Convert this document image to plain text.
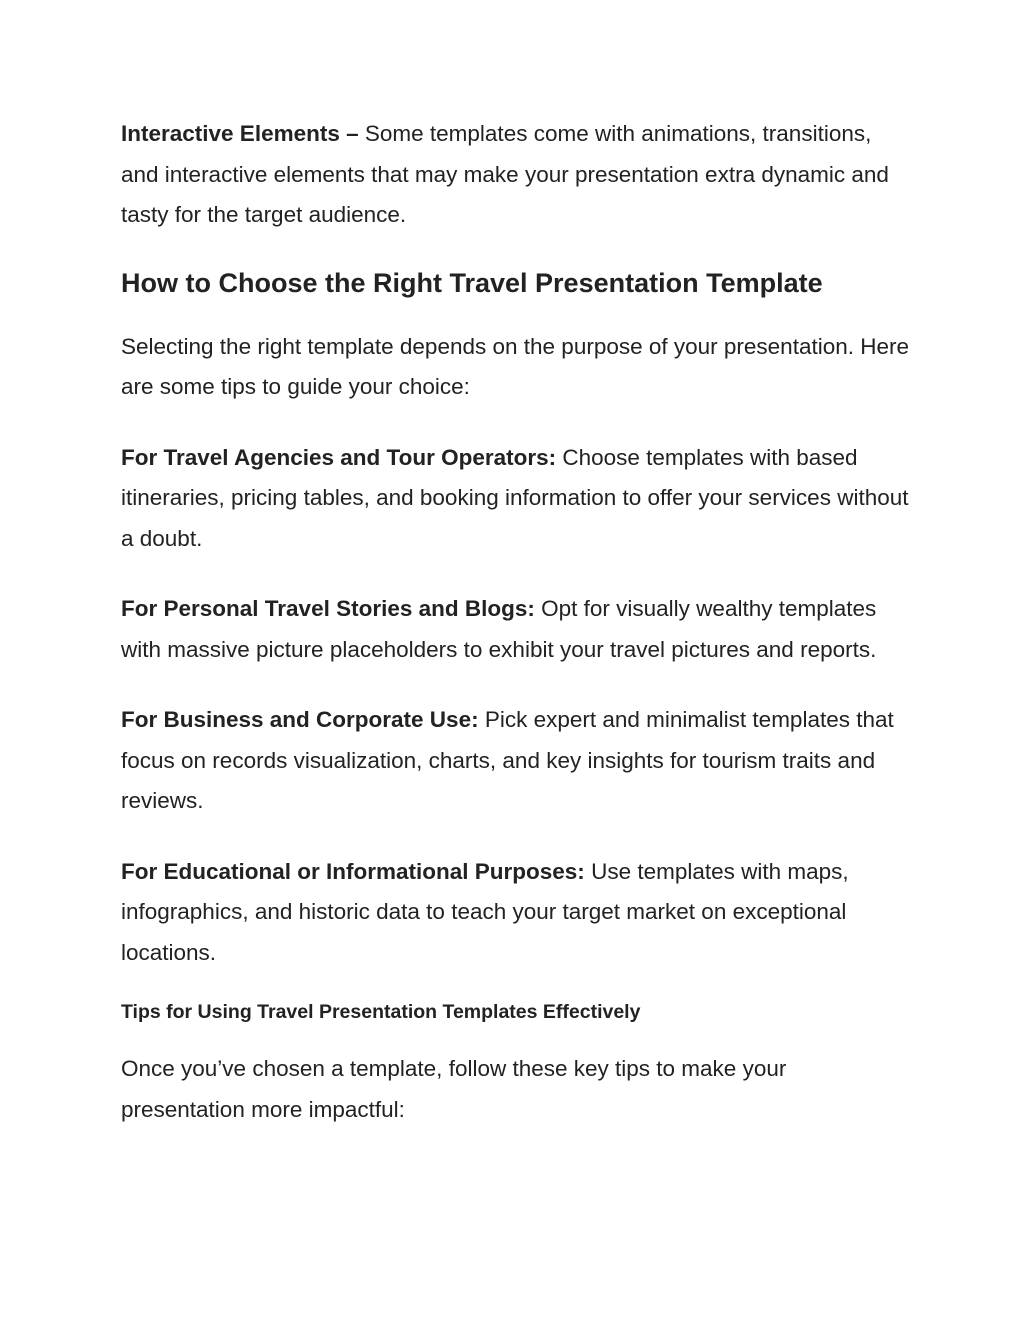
Interactive Elements – Some templates come with animations, transitions, and interactive elements that may make your presentation extra dynamic and tasty for the target audience.

How to Choose the Right Travel Presentation Template

Selecting the right template depends on the purpose of your presentation. Here are some tips to guide your choice:

For Travel Agencies and Tour Operators: Choose templates with based itineraries, pricing tables, and booking information to offer your services without a doubt.

For Personal Travel Stories and Blogs: Opt for visually wealthy templates with massive picture placeholders to exhibit your travel pictures and reports.

For Business and Corporate Use: Pick expert and minimalist templates that focus on records visualization, charts, and key insights for tourism traits and reviews.

For Educational or Informational Purposes: Use templates with maps, infographics, and historic data to teach your target market on exceptional locations.

Tips for Using Travel Presentation Templates Effectively

Once you’ve chosen a template, follow these key tips to make your presentation more impactful:
